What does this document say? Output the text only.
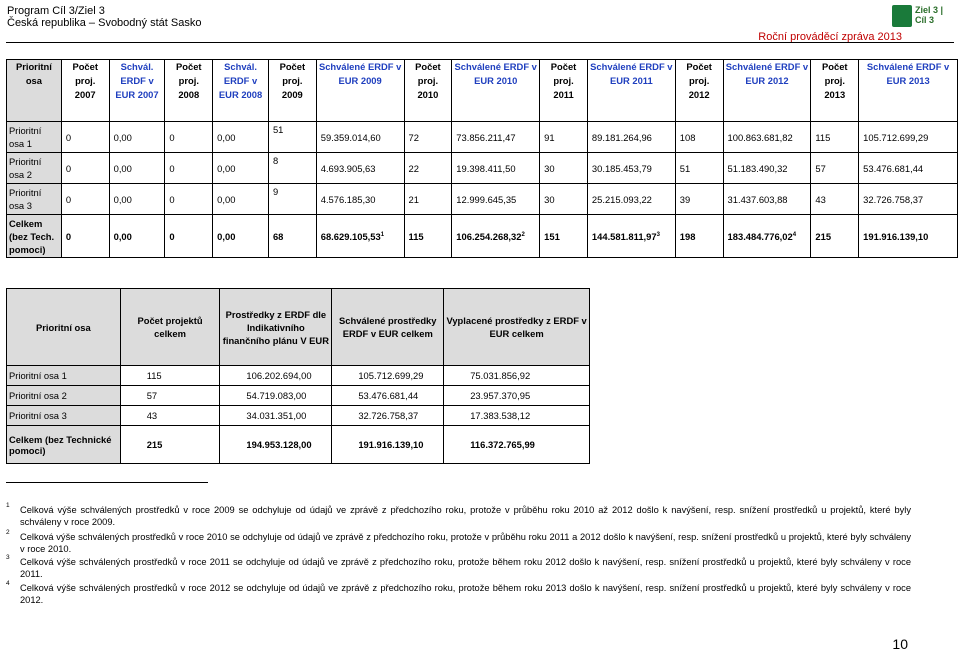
Program Cíl 3/Ziel 3
Česká republika – Svobodný stát Sasko
Ziel 3 | Cíl 3
Roční prováděcí zpráva 2013
Prioritní osa	Počet proj. 2007	Schvál. ERDF v EUR 2007	Počet proj. 2008	Schvál. ERDF v EUR 2008	Počet proj. 2009	Schválené ERDF v EUR 2009	Počet proj. 2010	Schválené ERDF v EUR 2010	Počet proj. 2011	Schválené ERDF v EUR 2011	Počet proj. 2012	Schválené ERDF v EUR 2012	Počet proj. 2013	Schválené ERDF v EUR 2013
Prioritní osa 1	0	0,00	0	0,00	51	59.359.014,60	72	73.856.211,47	91	89.181.264,96	108	100.863.681,82	115	105.712.699,29
Prioritní osa 2	0	0,00	0	0,00	8	4.693.905,63	22	19.398.411,50	30	30.185.453,79	51	51.183.490,32	57	53.476.681,44
Prioritní osa 3	0	0,00	0	0,00	9	4.576.185,30	21	12.999.645,35	30	25.215.093,22	39	31.437.603,88	43	32.726.758,37
Celkem (bez Tech. pomoci)	0	0,00	0	0,00	68	68.629.105,53$^1$	115	106.254.268,32$^2$	151	144.581.811,97$^3$	198	183.484.776,02$^4$	215	191.916.139,10
Prioritní osa	Počet projektů celkem	Prostředky z ERDF dle Indikativního finančního plánu V EUR	Schválené prostředky ERDF v EUR celkem	Vyplacené prostředky z ERDF v EUR celkem
Prioritní osa 1	115	106.202.694,00	105.712.699,29	75.031.856,92
Prioritní osa 2	57	54.719.083,00	53.476.681,44	23.957.370,95
Prioritní osa 3	43	34.031.351,00	32.726.758,37	17.383.538,12
Celkem (bez Technické pomoci)	215	194.953.128,00	191.916.139,10	116.372.765,99
1	Celková výše schválených prostředků v roce 2009 se odchyluje od údajů ve zprávě z předchozího roku, protože v průběhu roku 2010 až 2012 došlo k navýšení, resp. snížení prostředků u projektů, které byly schváleny v roce 2009.
2	Celková výše schválených prostředků v roce 2010 se odchyluje od údajů ve zprávě z předchozího roku, protože v průběhu roku 2011 a 2012 došlo k navýšení, resp. snížení prostředků u projektů, které byly schváleny v roce 2010.
3	Celková výše schválených prostředků v roce 2011 se odchyluje od údajů ve zprávě z předchozího roku, protože během roku 2012 došlo k navýšení, resp. snížení prostředků u projektů, které byly schváleny v roce 2011.
4	Celková výše schválených prostředků v roce 2012 se odchyluje od údajů ve zprávě z předchozího roku, protože během roku 2013 došlo k navýšení, resp. snížení prostředků u projektů, které byly schváleny v roce 2012.
10
